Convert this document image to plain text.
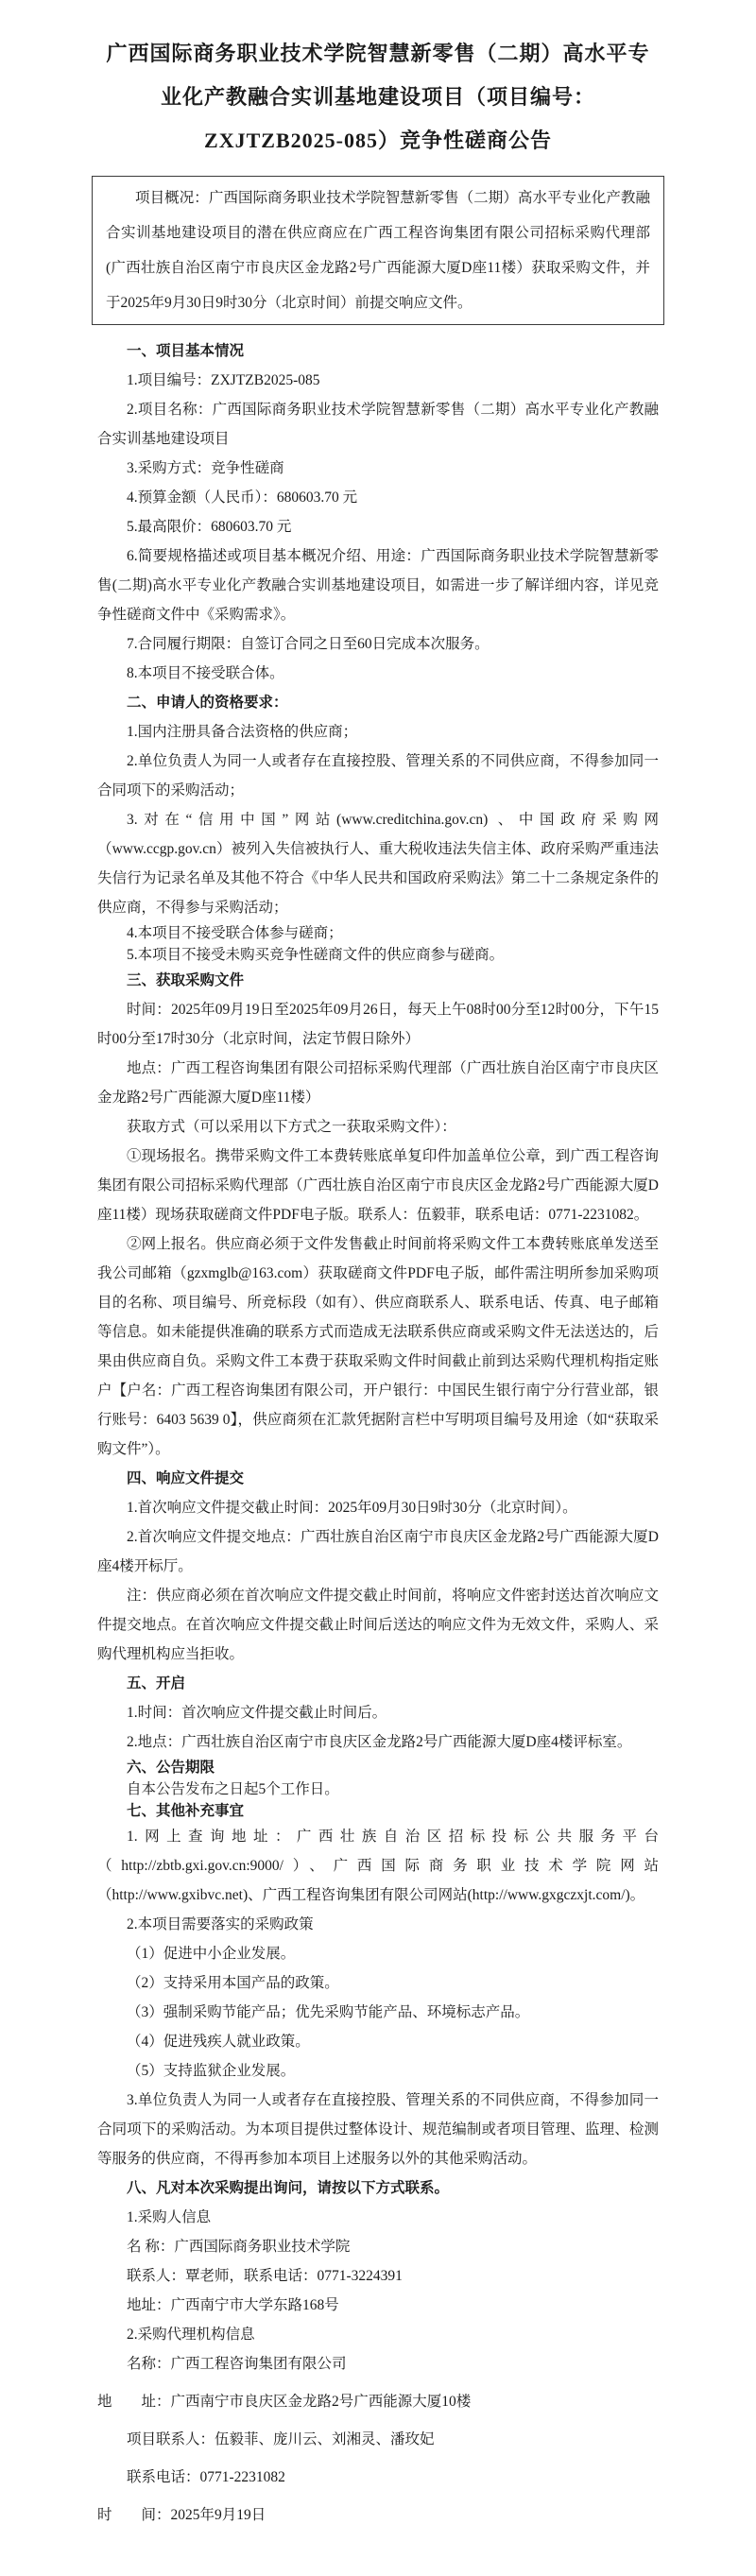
广西国际商务职业技术学院智慧新零售（二期）高水平专业化产教融合实训基地建设项目（项目编号：ZXJTZB2025-085）竞争性磋商公告

项目概况：广西国际商务职业技术学院智慧新零售（二期）高水平专业化产教融合实训基地建设项目的潜在供应商应在广西工程咨询集团有限公司招标采购代理部(广西壮族自治区南宁市良庆区金龙路2号广西能源大厦D座11楼）获取采购文件，并于2025年9月30日9时30分（北京时间）前提交响应文件。

一、项目基本情况

1.项目编号：ZXJTZB2025-085

2.项目名称：广西国际商务职业技术学院智慧新零售（二期）高水平专业化产教融合实训基地建设项目

3.采购方式：竞争性磋商

4.预算金额（人民币）：680603.70 元

5.最高限价：680603.70 元

6.简要规格描述或项目基本概况介绍、用途：广西国际商务职业技术学院智慧新零售(二期)高水平专业化产教融合实训基地建设项目，如需进一步了解详细内容，详见竞争性磋商文件中《采购需求》。

7.合同履行期限：自签订合同之日至60日完成本次服务。

8.本项目不接受联合体。

二、申请人的资格要求：

1.国内注册具备合法资格的供应商；

2.单位负责人为同一人或者存在直接控股、管理关系的不同供应商，不得参加同一合同项下的采购活动；

3.对在“信用中国”网站(www.creditchina.gov.cn) 、中国政府采购网（www.ccgp.gov.cn）被列入失信被执行人、重大税收违法失信主体、政府采购严重违法失信行为记录名单及其他不符合《中华人民共和国政府采购法》第二十二条规定条件的供应商，不得参与采购活动；

4.本项目不接受联合体参与磋商；

5.本项目不接受未购买竞争性磋商文件的供应商参与磋商。

三、获取采购文件

时间：2025年09月19日至2025年09月26日，每天上午08时00分至12时00分，下午15时00分至17时30分（北京时间，法定节假日除外）

地点：广西工程咨询集团有限公司招标采购代理部（广西壮族自治区南宁市良庆区金龙路2号广西能源大厦D座11楼）

获取方式（可以采用以下方式之一获取采购文件）：

①现场报名。携带采购文件工本费转账底单复印件加盖单位公章，到广西工程咨询集团有限公司招标采购代理部（广西壮族自治区南宁市良庆区金龙路2号广西能源大厦D座11楼）现场获取磋商文件PDF电子版。联系人：伍毅菲，联系电话：0771-2231082。

②网上报名。供应商必须于文件发售截止时间前将采购文件工本费转账底单发送至我公司邮箱（gzxmglb@163.com）获取磋商文件PDF电子版，邮件需注明所参加采购项目的名称、项目编号、所竞标段（如有）、供应商联系人、联系电话、传真、电子邮箱等信息。如未能提供准确的联系方式而造成无法联系供应商或采购文件无法送达的，后果由供应商自负。采购文件工本费于获取采购文件时间截止前到达采购代理机构指定账户【户名：广西工程咨询集团有限公司，开户银行：中国民生银行南宁分行营业部，银行账号：6403 5639 0】，供应商须在汇款凭据附言栏中写明项目编号及用途（如“获取采购文件”）。

四、响应文件提交

1.首次响应文件提交截止时间：2025年09月30日9时30分（北京时间）。

2.首次响应文件提交地点：广西壮族自治区南宁市良庆区金龙路2号广西能源大厦D座4楼开标厅。

注：供应商必须在首次响应文件提交截止时间前，将响应文件密封送达首次响应文件提交地点。在首次响应文件提交截止时间后送达的响应文件为无效文件，采购人、采购代理机构应当拒收。

五、开启

1.时间：首次响应文件提交截止时间后。

2.地点：广西壮族自治区南宁市良庆区金龙路2号广西能源大厦D座4楼评标室。

六、公告期限

自本公告发布之日起5个工作日。

七、其他补充事宜

1.网上查询地址：广西壮族自治区招标投标公共服务平台（http://zbtb.gxi.gov.cn:9000/）、广西国际商务职业技术学院网站（http://www.gxibvc.net)、广西工程咨询集团有限公司网站(http://www.gxgczxjt.com/)。

2.本项目需要落实的采购政策

（1）促进中小企业发展。

（2）支持采用本国产品的政策。

（3）强制采购节能产品；优先采购节能产品、环境标志产品。

（4）促进残疾人就业政策。

（5）支持监狱企业发展。

3.单位负责人为同一人或者存在直接控股、管理关系的不同供应商，不得参加同一合同项下的采购活动。为本项目提供过整体设计、规范编制或者项目管理、监理、检测等服务的供应商，不得再参加本项目上述服务以外的其他采购活动。

八、凡对本次采购提出询问，请按以下方式联系。

1.采购人信息

名 称：广西国际商务职业技术学院

联系人：覃老师，联系电话：0771-3224391

地址：广西南宁市大学东路168号

2.采购代理机构信息

名称：广西工程咨询集团有限公司

地　　址：广西南宁市良庆区金龙路2号广西能源大厦10楼

项目联系人：伍毅菲、庞川云、刘湘灵、潘玫妃

联系电话：0771-2231082

时　　间：2025年9月19日
